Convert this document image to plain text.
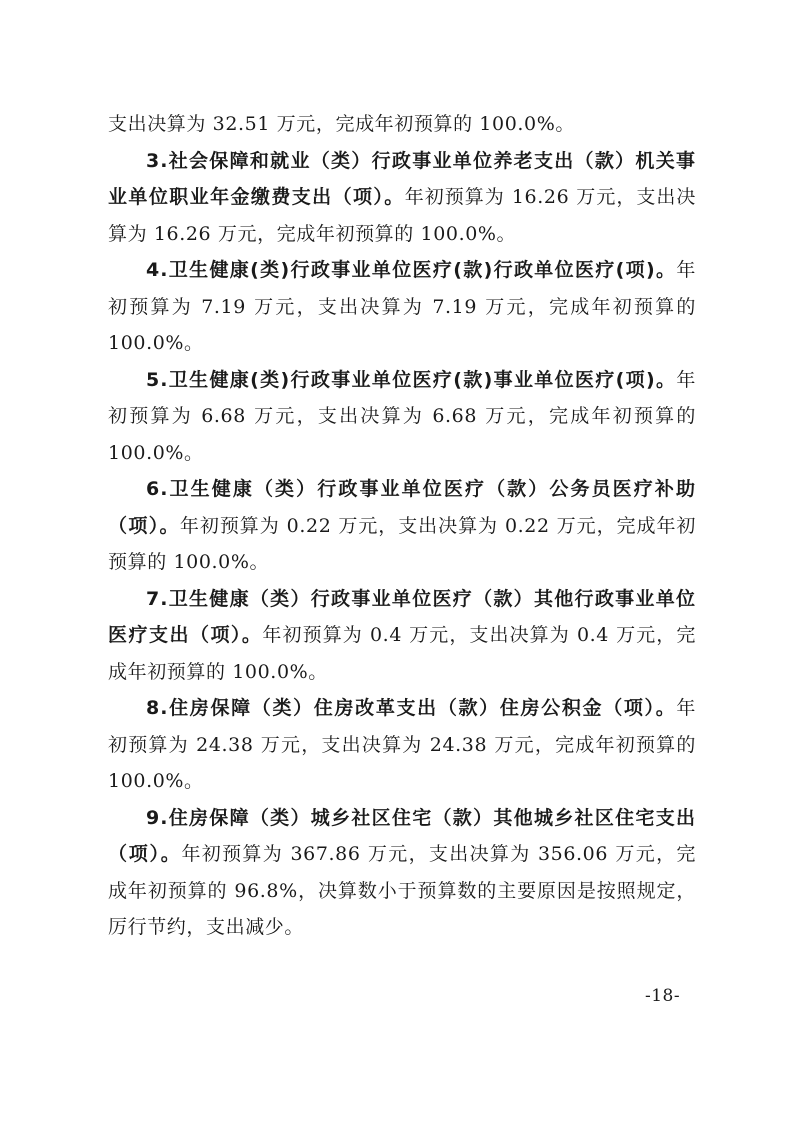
支出决算为 32.51 万元，完成年初预算的 100.0%。

3.社会保障和就业（类）行政事业单位养老支出（款）机关事业单位职业年金缴费支出（项）。年初预算为 16.26 万元，支出决算为 16.26 万元，完成年初预算的 100.0%。

4.卫生健康(类)行政事业单位医疗(款)行政单位医疗(项)。年初预算为 7.19 万元，支出决算为 7.19 万元，完成年初预算的 100.0%。

5.卫生健康(类)行政事业单位医疗(款)事业单位医疗(项)。年初预算为 6.68 万元，支出决算为 6.68 万元，完成年初预算的 100.0%。

6.卫生健康（类）行政事业单位医疗（款）公务员医疗补助（项）。年初预算为 0.22 万元，支出决算为 0.22 万元，完成年初预算的 100.0%。

7.卫生健康（类）行政事业单位医疗（款）其他行政事业单位医疗支出（项）。年初预算为 0.4 万元，支出决算为 0.4 万元，完成年初预算的 100.0%。

8.住房保障（类）住房改革支出（款）住房公积金（项）。年初预算为 24.38 万元，支出决算为 24.38 万元，完成年初预算的 100.0%。

9.住房保障（类）城乡社区住宅（款）其他城乡社区住宅支出（项）。年初预算为 367.86 万元，支出决算为 356.06 万元，完成年初预算的 96.8%，决算数小于预算数的主要原因是按照规定，厉行节约，支出减少。

-18-
